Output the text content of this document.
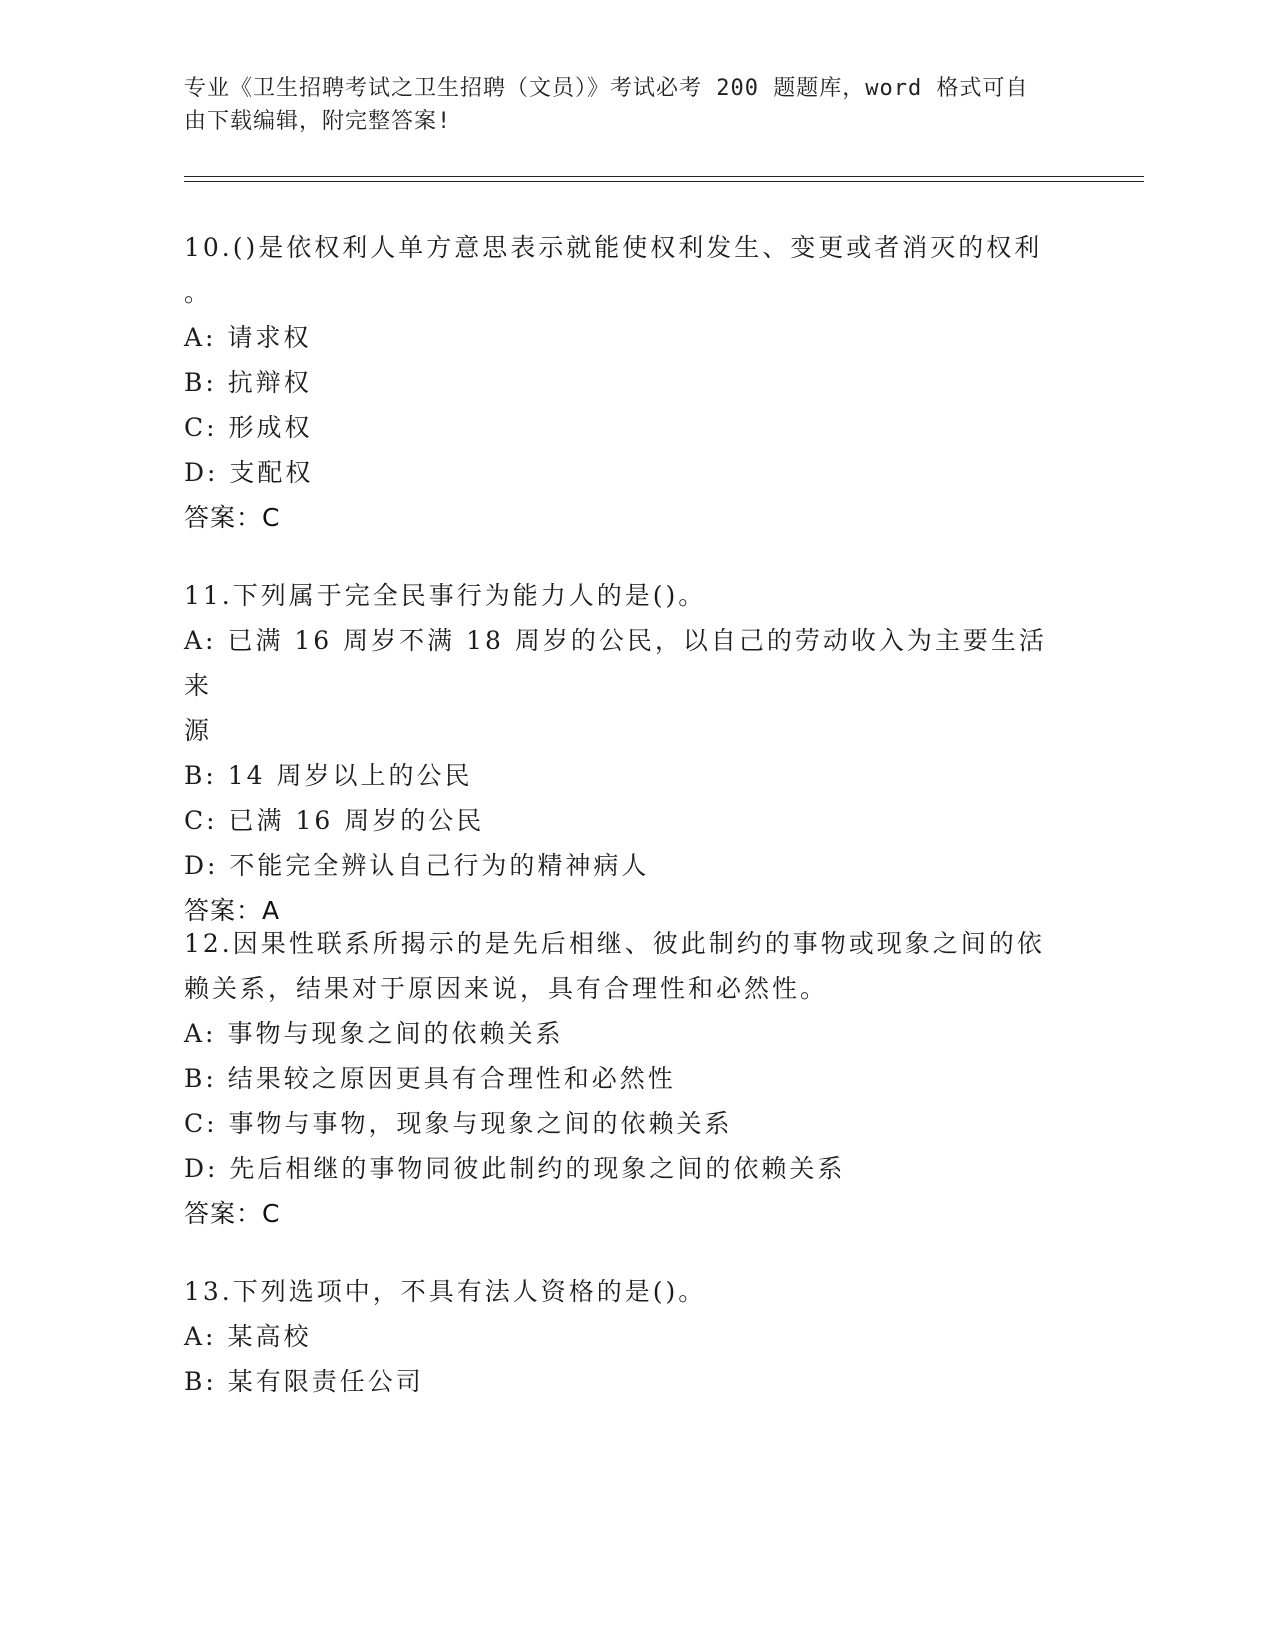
专业《卫生招聘考试之卫生招聘（文员）》考试必考 200 题题库，word 格式可自
由下载编辑，附完整答案!
10.()是依权利人单方意思表示就能使权利发生、变更或者消灭的权利
。
A: 请求权
B: 抗辩权
C: 形成权
D: 支配权
答案：C
11.下列属于完全民事行为能力人的是()。
A: 已满 16 周岁不满 18 周岁的公民，以自己的劳动收入为主要生活来
源
B: 14 周岁以上的公民
C: 已满 16 周岁的公民
D: 不能完全辨认自己行为的精神病人
答案：A
12.因果性联系所揭示的是先后相继、彼此制约的事物或现象之间的依
赖关系，结果对于原因来说，具有合理性和必然性。
A: 事物与现象之间的依赖关系
B: 结果较之原因更具有合理性和必然性
C: 事物与事物，现象与现象之间的依赖关系
D: 先后相继的事物同彼此制约的现象之间的依赖关系
答案：C
13.下列选项中，不具有法人资格的是()。
A: 某高校
B: 某有限责任公司
